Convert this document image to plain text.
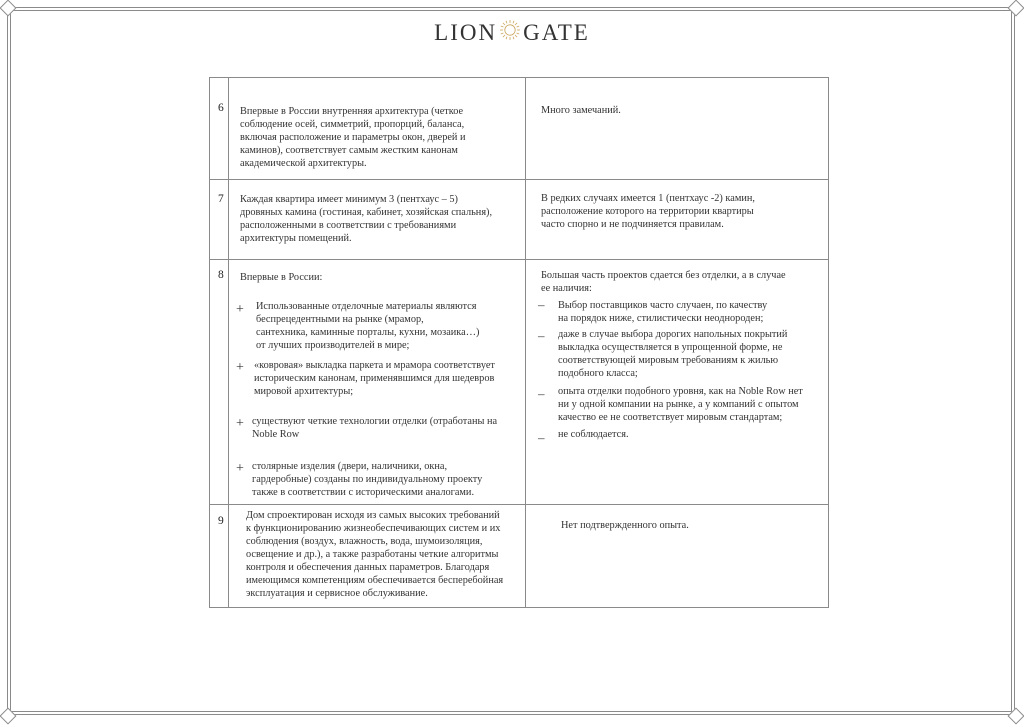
LION GATE
6 Впервые в России внутренняя архитектура (четкое
соблюдение осей, симметрий, пропорций, баланса,
включая расположение и параметры окон, дверей и
каминов), соответствует самым жестким канонам
академической архитектуры.

Много замечаний.

7 Каждая квартира имеет минимум 3 (пентхаус – 5)
дровяных камина (гостиная, кабинет, хозяйская спальня),
расположенными в соответствии с требованиями
архитектуры помещений.

В редких случаях имеется 1 (пентхаус -2) камин,
расположение которого на территории квартиры
часто спорно и не подчиняется правилам.

8 Впервые в России:

+ Использованные отделочные материалы являются
беспрецедентными на рынке (мрамор,
сантехника, каминные порталы, кухни, мозаика…)
от лучших производителей в мире;

+ «ковровая» выкладка паркета и мрамора соответствует
историческим канонам, применявшимся для шедевров
мировой архитектуры;

+ существуют четкие технологии отделки (отработаны на
Noble Row

+ столярные изделия (двери, наличники, окна,
гардеробные) созданы по индивидуальному проекту
также в соответствии с историческими аналогами.

Большая часть проектов сдается без отделки, а в случае
ее наличия:

– Выбор поставщиков часто случаен, по качеству
на порядок ниже, стилистически неоднороден;

– даже в случае выбора дорогих напольных покрытий
выкладка осуществляется в упрощенной форме, не
соответствующей мировым требованиям к жилью
подобного класса;

– опыта отделки подобного уровня, как на Noble Row нет
ни у одной компании на рынке, а у компаний с опытом
качество ее не соответствует мировым стандартам;

– не соблюдается.

9 Дом спроектирован исходя из самых высоких требований
к функционированию жизнеобеспечивающих систем и их
соблюдения (воздух, влажность, вода, шумоизоляция,
освещение и др.), а также разработаны четкие алгоритмы
контроля и обеспечения данных параметров. Благодаря
имеющимся компетенциям обеспечивается бесперебойная
эксплуатация и сервисное обслуживание.

Нет подтвержденного опыта.
